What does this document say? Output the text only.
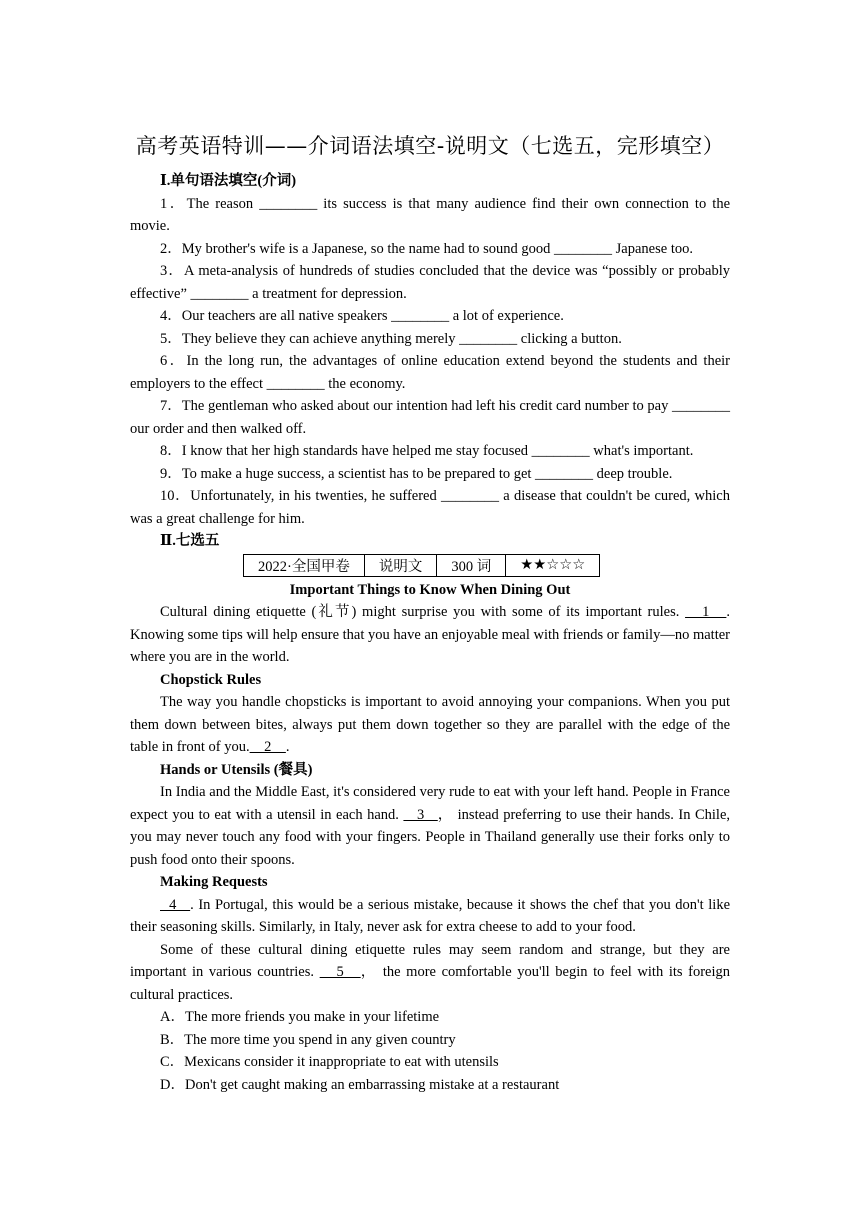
高考英语特训——介词语法填空-说明文（七选五，完形填空）
Ⅰ.单句语法填空(介词)
1．The reason ________ its success is that many audience find their own connection to the movie.
2．My brother's wife is a Japanese, so the name had to sound good ________ Japanese too.
3．A meta-analysis of hundreds of studies concluded that the device was “possibly or probably effective” ________ a treatment for depression.
4．Our teachers are all native speakers ________ a lot of experience.
5．They believe they can achieve anything merely ________ clicking a button.
6．In the long run, the advantages of online education extend beyond the students and their employers to the effect ________ the economy.
7．The gentleman who asked about our intention had left his credit card number to pay ________ our order and then walked off.
8．I know that her high standards have helped me stay focused ________ what's important.
9．To make a huge success, a scientist has to be prepared to get ________ deep trouble.
10．Unfortunately, in his twenties, he suffered ________ a disease that couldn't be cured, which was a great challenge for him.
Ⅱ.七选五
2022·全国甲卷	说明文	300 词	★★☆☆☆
Important Things to Know When Dining Out
Cultural dining etiquette (礼节) might surprise you with some of its important rules.    1   . Knowing some tips will help ensure that you have an enjoyable meal with friends or family—no matter where you are in the world.
Chopstick Rules
The way you handle chopsticks is important to avoid annoying your companions. When you put them down between bites, always put them down together so they are parallel with the edge of the table in front of you.    2    .
Hands or Utensils (餐具)
In India and the Middle East, it's considered very rude to eat with your left hand. People in France expect you to eat with a utensil in each hand.    3   ， instead preferring to use their hands. In Chile, you may never touch any food with your fingers. People in Thailand generally use their forks only to push food onto their spoons.
Making Requests
4   . In Portugal, this would be a serious mistake, because it shows the chef that you don't like their seasoning skills. Similarly, in Italy, never ask for extra cheese to add to your food.
Some of these cultural dining etiquette rules may seem random and strange, but they are important in various countries.    5   ， the more comfortable you'll begin to feel with its foreign cultural practices.
A．The more friends you make in your lifetime
B．The more time you spend in any given country
C．Mexicans consider it inappropriate to eat with utensils
D．Don't get caught making an embarrassing mistake at a restaurant
